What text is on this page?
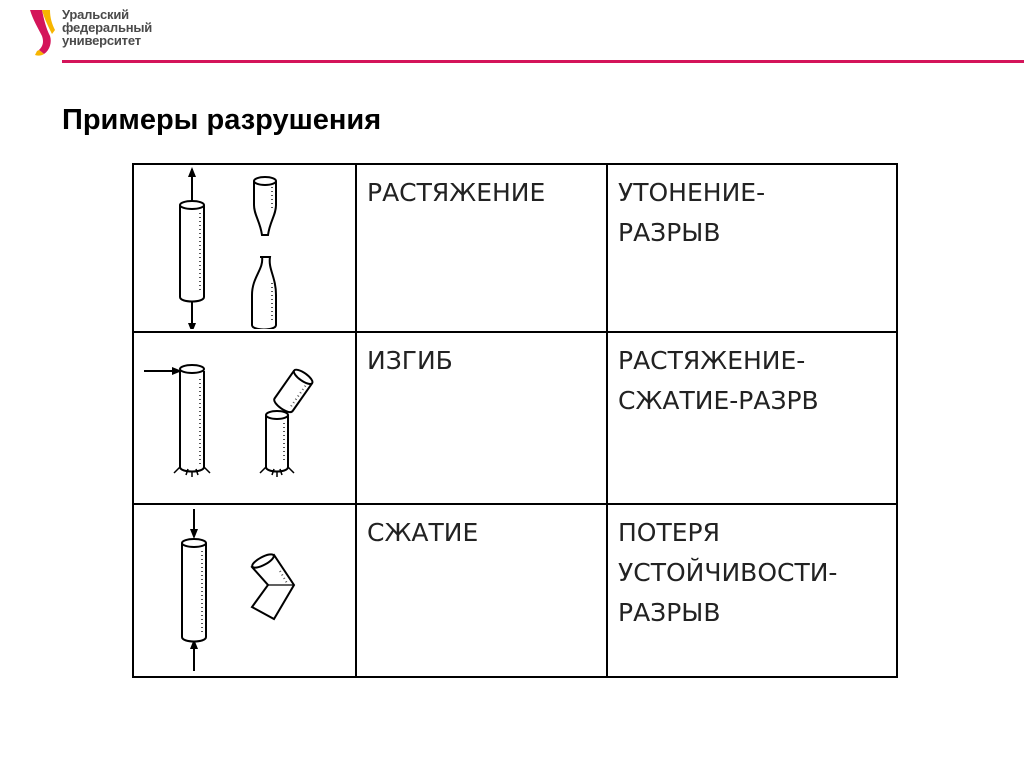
Уральский
федеральный
университет
Примеры разрушения

РАСТЯЖЕНИЕ	УТОНЕНИЕ-
РАЗРЫВ

ИЗГИБ	РАСТЯЖЕНИЕ-
СЖАТИЕ-РАЗРВ

СЖАТИЕ	ПОТЕРЯ
УСТОЙЧИВОСТИ-
РАЗРЫВ
